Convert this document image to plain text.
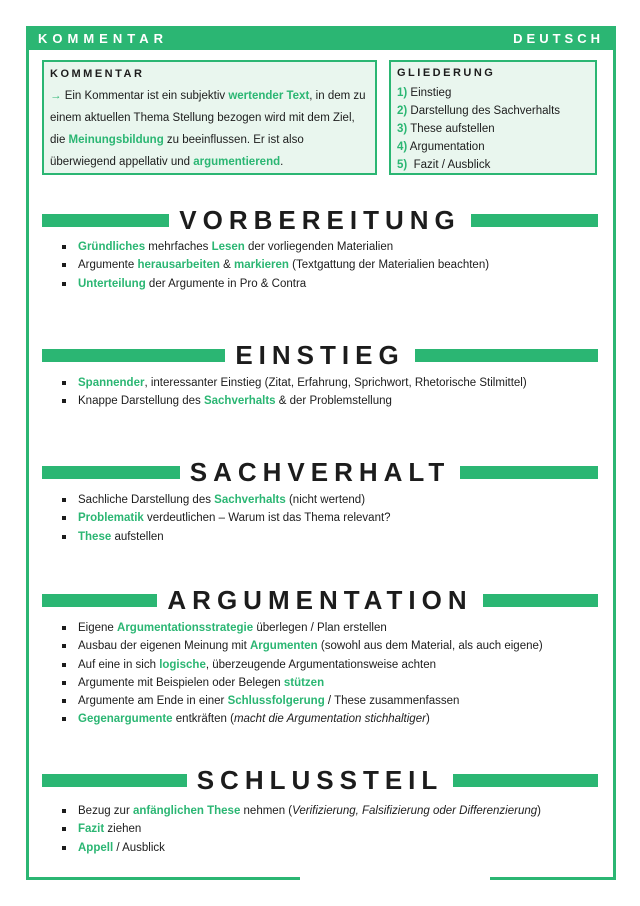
KOMMENTAR	DEUTSCH
KOMMENTAR
→ Ein Kommentar ist ein subjektiv wertender Text, in dem zu einem aktuellen Thema Stellung bezogen wird mit dem Ziel, die Meinungsbildung zu beeinflussen. Er ist also überwiegend appellativ und argumentierend.
GLIEDERUNG
1) Einstieg
2) Darstellung des Sachverhalts
3) These aufstellen
4) Argumentation
5)  Fazit / Ausblick
VORBEREITUNG
Gründliches mehrfaches Lesen der vorliegenden Materialien
Argumente herausarbeiten & markieren (Textgattung der Materialien beachten)
Unterteilung der Argumente in Pro & Contra
EINSTIEG
Spannender, interessanter Einstieg (Zitat, Erfahrung, Sprichwort, Rhetorische Stilmittel)
Knappe Darstellung des Sachverhalts & der Problemstellung
SACHVERHALT
Sachliche Darstellung des Sachverhalts (nicht wertend)
Problematik verdeutlichen – Warum ist das Thema relevant?
These aufstellen
ARGUMENTATION
Eigene Argumentationsstrategie überlegen / Plan erstellen
Ausbau der eigenen Meinung mit Argumenten (sowohl aus dem Material, als auch eigene)
Auf eine in sich logische, überzeugende Argumentationsweise achten
Argumente mit Beispielen oder Belegen stützen
Argumente am Ende in einer Schlussfolgerung / These zusammenfassen
Gegenargumente entkräften (macht die Argumentation stichhaltiger)
SCHLUSSTEIL
Bezug zur anfänglichen These nehmen (Verifizierung, Falsifizierung oder Differenzierung)
Fazit ziehen
Appell / Ausblick
